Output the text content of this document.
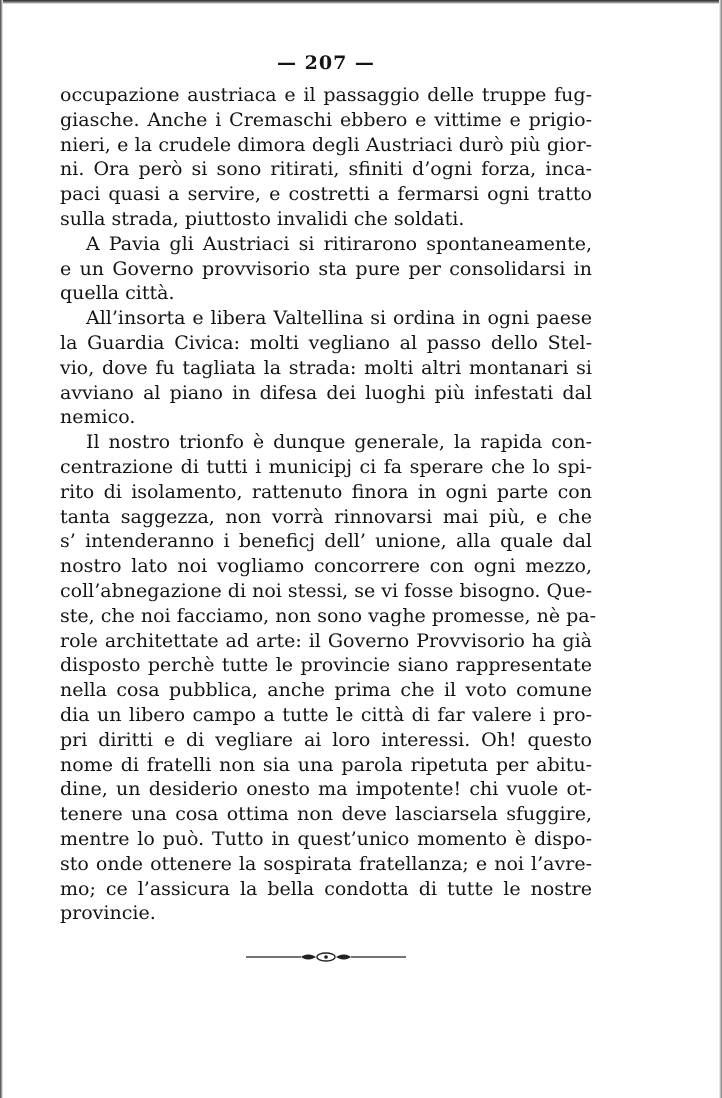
— 207 —
occupazione austriaca e il passaggio delle truppe fug-
giasche. Anche i Cremaschi ebbero e vittime e prigio-
nieri, e la crudele dimora degli Austriaci durò più gior-
ni. Ora però si sono ritirati, sfiniti d’ogni forza, inca-
paci quasi a servire, e costretti a fermarsi ogni tratto
sulla strada, piuttosto invalidi che soldati.
A Pavia gli Austriaci si ritirarono spontaneamente,
e un Governo provvisorio sta pure per consolidarsi in
quella città.
All’insorta e libera Valtellina si ordina in ogni paese
la Guardia Civica: molti vegliano al passo dello Stel-
vio, dove fu tagliata la strada: molti altri montanari si
avviano al piano in difesa dei luoghi più infestati dal
nemico.
Il nostro trionfo è dunque generale, la rapida con-
centrazione di tutti i municipj ci fa sperare che lo spi-
rito di isolamento, rattenuto finora in ogni parte con
tanta saggezza, non vorrà rinnovarsi mai più, e che
s’ intenderanno i beneficj dell’ unione, alla quale dal
nostro lato noi vogliamo concorrere con ogni mezzo,
coll’abnegazione di noi stessi, se vi fosse bisogno. Que-
ste, che noi facciamo, non sono vaghe promesse, nè pa-
role architettate ad arte: il Governo Provvisorio ha già
disposto perchè tutte le provincie siano rappresentate
nella cosa pubblica, anche prima che il voto comune
dia un libero campo a tutte le città di far valere i pro-
pri diritti e di vegliare ai loro interessi. Oh! questo
nome di fratelli non sia una parola ripetuta per abitu-
dine, un desiderio onesto ma impotente! chi vuole ot-
tenere una cosa ottima non deve lasciarsela sfuggire,
mentre lo può. Tutto in quest’unico momento è dispo-
sto onde ottenere la sospirata fratellanza; e noi l’avre-
mo; ce l’assicura la bella condotta di tutte le nostre
provincie.
